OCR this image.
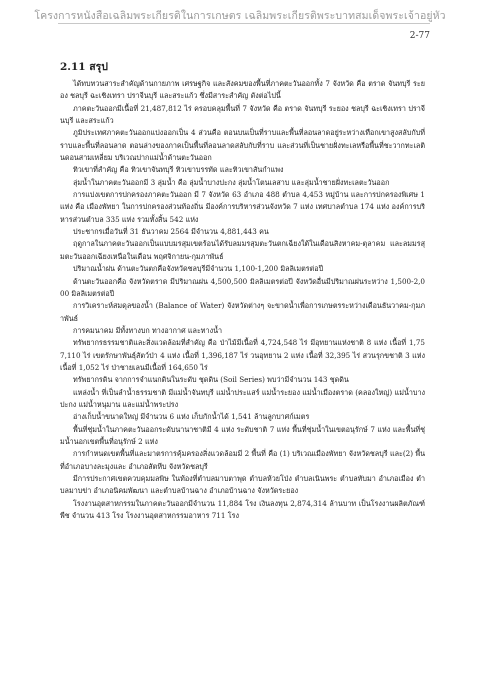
โครงการหนังสือเฉลิมพระเกียรติในการเกษตร เฉลิมพระเกียรติพระบาทสมเด็จพระเจ้าอยู่หัว
2-77
2.11 สรุป

ได้ทบทวนสาระสำคัญด้านกายภาพ เศรษฐกิจ และสังคมของพื้นที่ภาคตะวันออกทั้ง 7 จังหวัด คือ ตราด จันทบุรี ระยอง ชลบุรี ฉะเชิงเทรา ปราจีนบุรี และสระแก้ว ซึ่งมีสาระสำคัญ ดังต่อไปนี้

ภาคตะวันออกมีเนื้อที่ 21,487,812 ไร่ ครอบคลุมพื้นที่ 7 จังหวัด คือ ตราด จันทบุรี ระยอง ชลบุรี ฉะเชิงเทรา ปราจีนบุรี และสระแก้ว

ภูมิประเทศภาคตะวันออกแบ่งออกเป็น 4 ส่วนคือ ตอนบนเป็นที่ราบและพื้นที่ลอนลาดอยู่ระหว่างเทือกเขาสูงสลับกับที่ราบและพื้นที่ลอนลาด ตอนล่างของภาคเป็นพื้นที่ลอนลาดสลับกับที่ราบ และส่วนที่เป็นชายฝั่งทะเลหรือพื้นที่ชะวากทะเลตินดอนสามเหลี่ยม บริเวณปากแม่น้ำด้านตะวันออก

ทิวเขาที่สำคัญ คือ ทิวเขาจันทบุรี ทิวเขาบรรทัด และทิวเขาสันกำแพง

ลุ่มน้ำในภาคตะวันออกมี 3 ลุ่มน้ำ คือ ลุ่มน้ำบางปะกง ลุ่มน้ำโตนเลสาบ และลุ่มน้ำชายฝั่งทะเลตะวันออก

การแบ่งเขตการปกครองภาคตะวันออก มี 7 จังหวัด 63 อำเภอ 488 ตำบล 4,453 หมู่บ้าน และการปกครองพิเศษ 1 แห่ง คือ เมืองพัทยา ในการปกครองส่วนท้องถิ่น มีองค์การบริหารส่วนจังหวัด 7 แห่ง เทศบาลตำบล 174 แห่ง องค์การบริหารส่วนตำบล 335 แห่ง รวมทั้งสิ้น 542 แห่ง

ประชากรเมื่อวันที่ 31 ธันวาคม 2564 มีจำนวน 4,881,443 คน

ฤดูกาลในภาคตะวันออกเป็นแบบมรสุมเขตร้อนได้รับลมมรสุมตะวันตกเฉียงใต้ในเดือนสิงหาคม-ตุลาคม และลมมรสุมตะวันออกเฉียงเหนือในเดือน พฤศจิกายน-กุมภาพันธ์

ปริมาณน้ำฝน ด้านตะวันตกคือจังหวัดชลบุรีมีจำนวน 1,100-1,200 มิลลิเมตรต่อปี

ด้านตะวันออกคือ จังหวัดตราด มีปริมาณฝน 4,500,500 มิลลิเมตรต่อปี จังหวัดอื่นมีปริมาณฝนระหว่าง 1,500-2,000 มิลลิเมตรต่อปี

การวิเคราะห์สมดุลของน้ำ (Balance of Water) จังหวัดต่างๆ จะขาดน้ำเพื่อการเกษตรระหว่างเดือนธันวาคม-กุมภาพันธ์

การคมนาคม มีทั้งทางบก ทางอากาศ และทางน้ำ

ทรัพยากรธรรมชาติและสิ่งแวดล้อมที่สำคัญ คือ ป่าไม้มีเนื้อที่ 4,724,548 ไร่ มีอุทยานแห่งชาติ 8 แห่ง เนื้อที่ 1,757,110 ไร่ เขตรักษาพันธุ์สัตว์ป่า 4 แห่ง เนื้อที่ 1,396,187 ไร่ วนอุทยาน 2 แห่ง เนื้อที่ 32,395 ไร่ สวนรุกขชาติ 3 แห่ง เนื้อที่ 1,052 ไร่ ป่าชายเลนมีเนื้อที่ 164,650 ไร่

ทรัพยากรดิน จากการจำแนกดินในระดับ ชุดดิน (Soil Series) พบว่ามีจำนวน 143 ชุดดิน

แหล่งน้ำ ที่เป็นลำน้ำธรรมชาติ มีแม่น้ำจันทบุรี แม่น้ำประแสร์ แม่น้ำระยอง แม่น้ำเมืองตราด (คลองใหญ่) แม่น้ำบางปะกง แม่น้ำหนุมาน และแม่น้ำพระปรง

อ่างเก็บน้ำขนาดใหญ่ มีจำนวน 6 แห่ง เก็บกักน้ำได้ 1,541 ล้านลูกบาศก์เมตร

พื้นที่ชุ่มน้ำในภาคตะวันออกระดับนานาชาติมี 4 แห่ง ระดับชาติ 7 แห่ง พื้นที่ชุ่มน้ำในเขตอนุรักษ์ 7 แห่ง และพื้นที่ชุ่มน้ำนอกเขตพื้นที่อนุรักษ์ 2 แห่ง

การกำหนดเขตพื้นที่และมาตรการคุ้มครองสิ่งแวดล้อมมี 2 พื้นที่ คือ (1) บริเวณเมืองพัทยา จังหวัดชลบุรี และ(2) พื้นที่อำเภอบางละมุงและ อำเภอสัตหีบ จังหวัดชลบุรี

มีการประกาศเขตควบคุมมลพิษ ในท้องที่ตำบลมาบตาพุด ตำบลห้วยโป่ง ตำบลเนินพระ ตำบลทับมา อำเภอเมือง ตำบลมาบข่า อำเภอนิคมพัฒนา และตำบลบ้านฉาง อำเภอบ้านฉาง จังหวัดระยอง

โรงงานอุตสาหกรรมในภาคตะวันออกมีจำนวน 11,884 โรง เงินลงทุน 2,874,314 ล้านบาท เป็นโรงงานผลิตภัณฑ์พืช จำนวน 413 โรง โรงงานอุตสาหกรรมอาหาร 711 โรง
